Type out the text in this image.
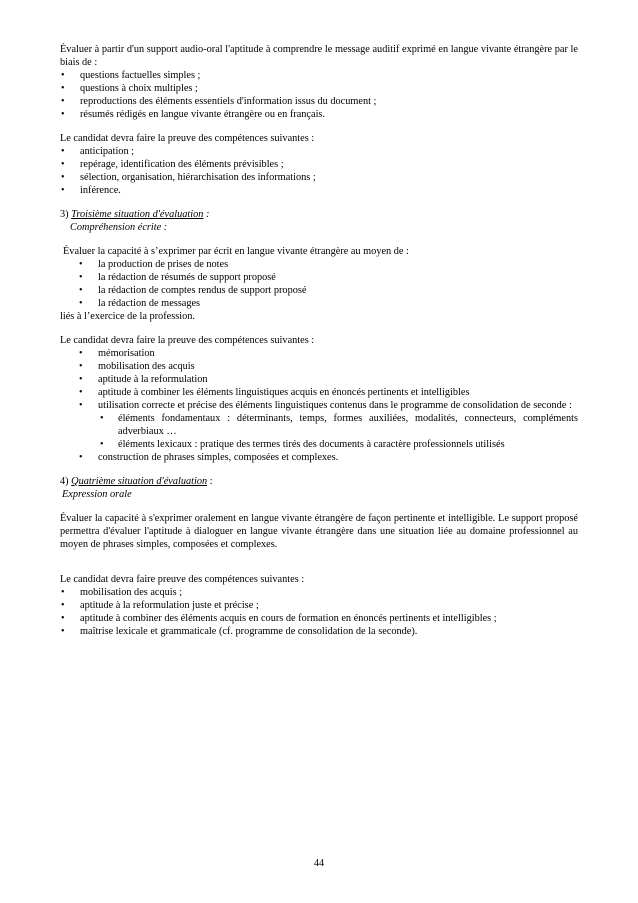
Évaluer à partir d'un support audio-oral l'aptitude à comprendre le message auditif exprimé en langue vivante étrangère par le biais de :

• questions factuelles simples ;
• questions à choix multiples ;
• reproductions des éléments essentiels d'information issus du document ;
• résumés rédigés en langue vivante étrangère ou en français.

Le candidat devra faire la preuve des compétences suivantes :

• anticipation ;
• repérage, identification des éléments prévisibles ;
• sélection, organisation, hiérarchisation des informations ;
• inférence.

3) Troisième situation d'évaluation :

Compréhension écrite :

Évaluer la capacité à s’exprimer par écrit en langue vivante étrangère au moyen de :

• la production de prises de notes
• la rédaction de résumés de support proposé
• la rédaction de comptes rendus de support proposé
• la rédaction de messages

liés à l’exercice de la profession.

Le candidat devra faire la preuve des compétences suivantes :

• mémorisation
• mobilisation des acquis
• aptitude à la reformulation
• aptitude à combiner les éléments linguistiques acquis en énoncés pertinents et intelligibles
• utilisation correcte et précise des éléments linguistiques contenus dans le programme de consolidation de seconde :
• éléments fondamentaux : déterminants, temps, formes auxiliées, modalités, connecteurs, compléments adverbiaux …
• éléments lexicaux : pratique des termes tirés des documents à caractère professionnels utilisés
• construction de phrases simples, composées et complexes.

4) Quatrième situation d'évaluation :

Expression orale

Évaluer la capacité à s'exprimer oralement en langue vivante étrangère de façon pertinente et intelligible. Le support proposé permettra d'évaluer l'aptitude à dialoguer en langue vivante étrangère dans une situation liée au domaine professionnel au moyen de phrases simples, composées et complexes.

Le candidat devra faire preuve des compétences suivantes :

• mobilisation des acquis ;
• aptitude à la reformulation juste et précise ;
• aptitude à combiner des éléments acquis en cours de formation en énoncés pertinents et intelligibles ;
• maîtrise lexicale et grammaticale (cf. programme de consolidation de la seconde).
44
